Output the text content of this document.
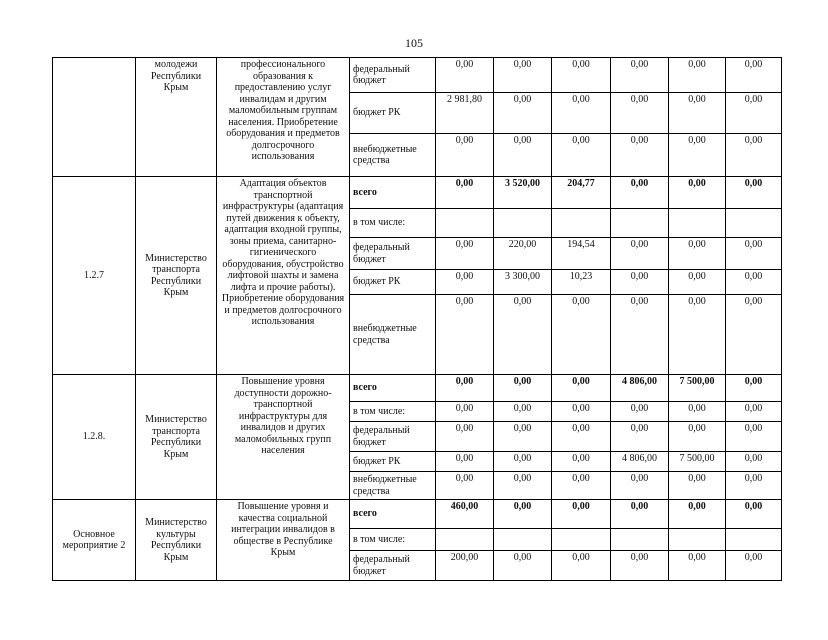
105
	молодежи Республики Крым	профессионального образования к предоставлению услуг инвалидам и другим маломобильным группам населения. Приобретение оборудования и предметов долгосрочного использования	федеральный бюджет	0,00	0,00	0,00	0,00	0,00	0,00
			бюджет РК	2 981,80	0,00	0,00	0,00	0,00	0,00
			внебюджетные средства	0,00	0,00	0,00	0,00	0,00	0,00
1.2.7	Министерство транспорта Республики Крым	Адаптация объектов транспортной инфраструктуры (адаптация путей движения к объекту, адаптация входной группы, зоны приема, санитарно-гигиенического оборудования, обустройство лифтовой шахты и замена лифта и прочие работы). Приобретение оборудования и предметов долгосрочного использования	всего	0,00	3 520,00	204,77	0,00	0,00	0,00
			в том числе:						
			федеральный бюджет	0,00	220,00	194,54	0,00	0,00	0,00
			бюджет РК	0,00	3 300,00	10,23	0,00	0,00	0,00
			внебюджетные средства	0,00	0,00	0,00	0,00	0,00	0,00
1.2.8.	Министерство транспорта Республики Крым	Повышение уровня доступности дорожно-транспортной инфраструктуры для инвалидов и других маломобильных групп населения	всего	0,00	0,00	0,00	4 806,00	7 500,00	0,00
			в том числе:	0,00	0,00	0,00	0,00	0,00	0,00
			федеральный бюджет	0,00	0,00	0,00	0,00	0,00	0,00
			бюджет РК	0,00	0,00	0,00	4 806,00	7 500,00	0,00
			внебюджетные средства	0,00	0,00	0,00	0,00	0,00	0,00
Основное мероприятие 2	Министерство культуры Республики Крым	Повышение уровня и качества социальной интеграции инвалидов в обществе в Республике Крым	всего	460,00	0,00	0,00	0,00	0,00	0,00
			в том числе:						
			федеральный бюджет	200,00	0,00	0,00	0,00	0,00	0,00
